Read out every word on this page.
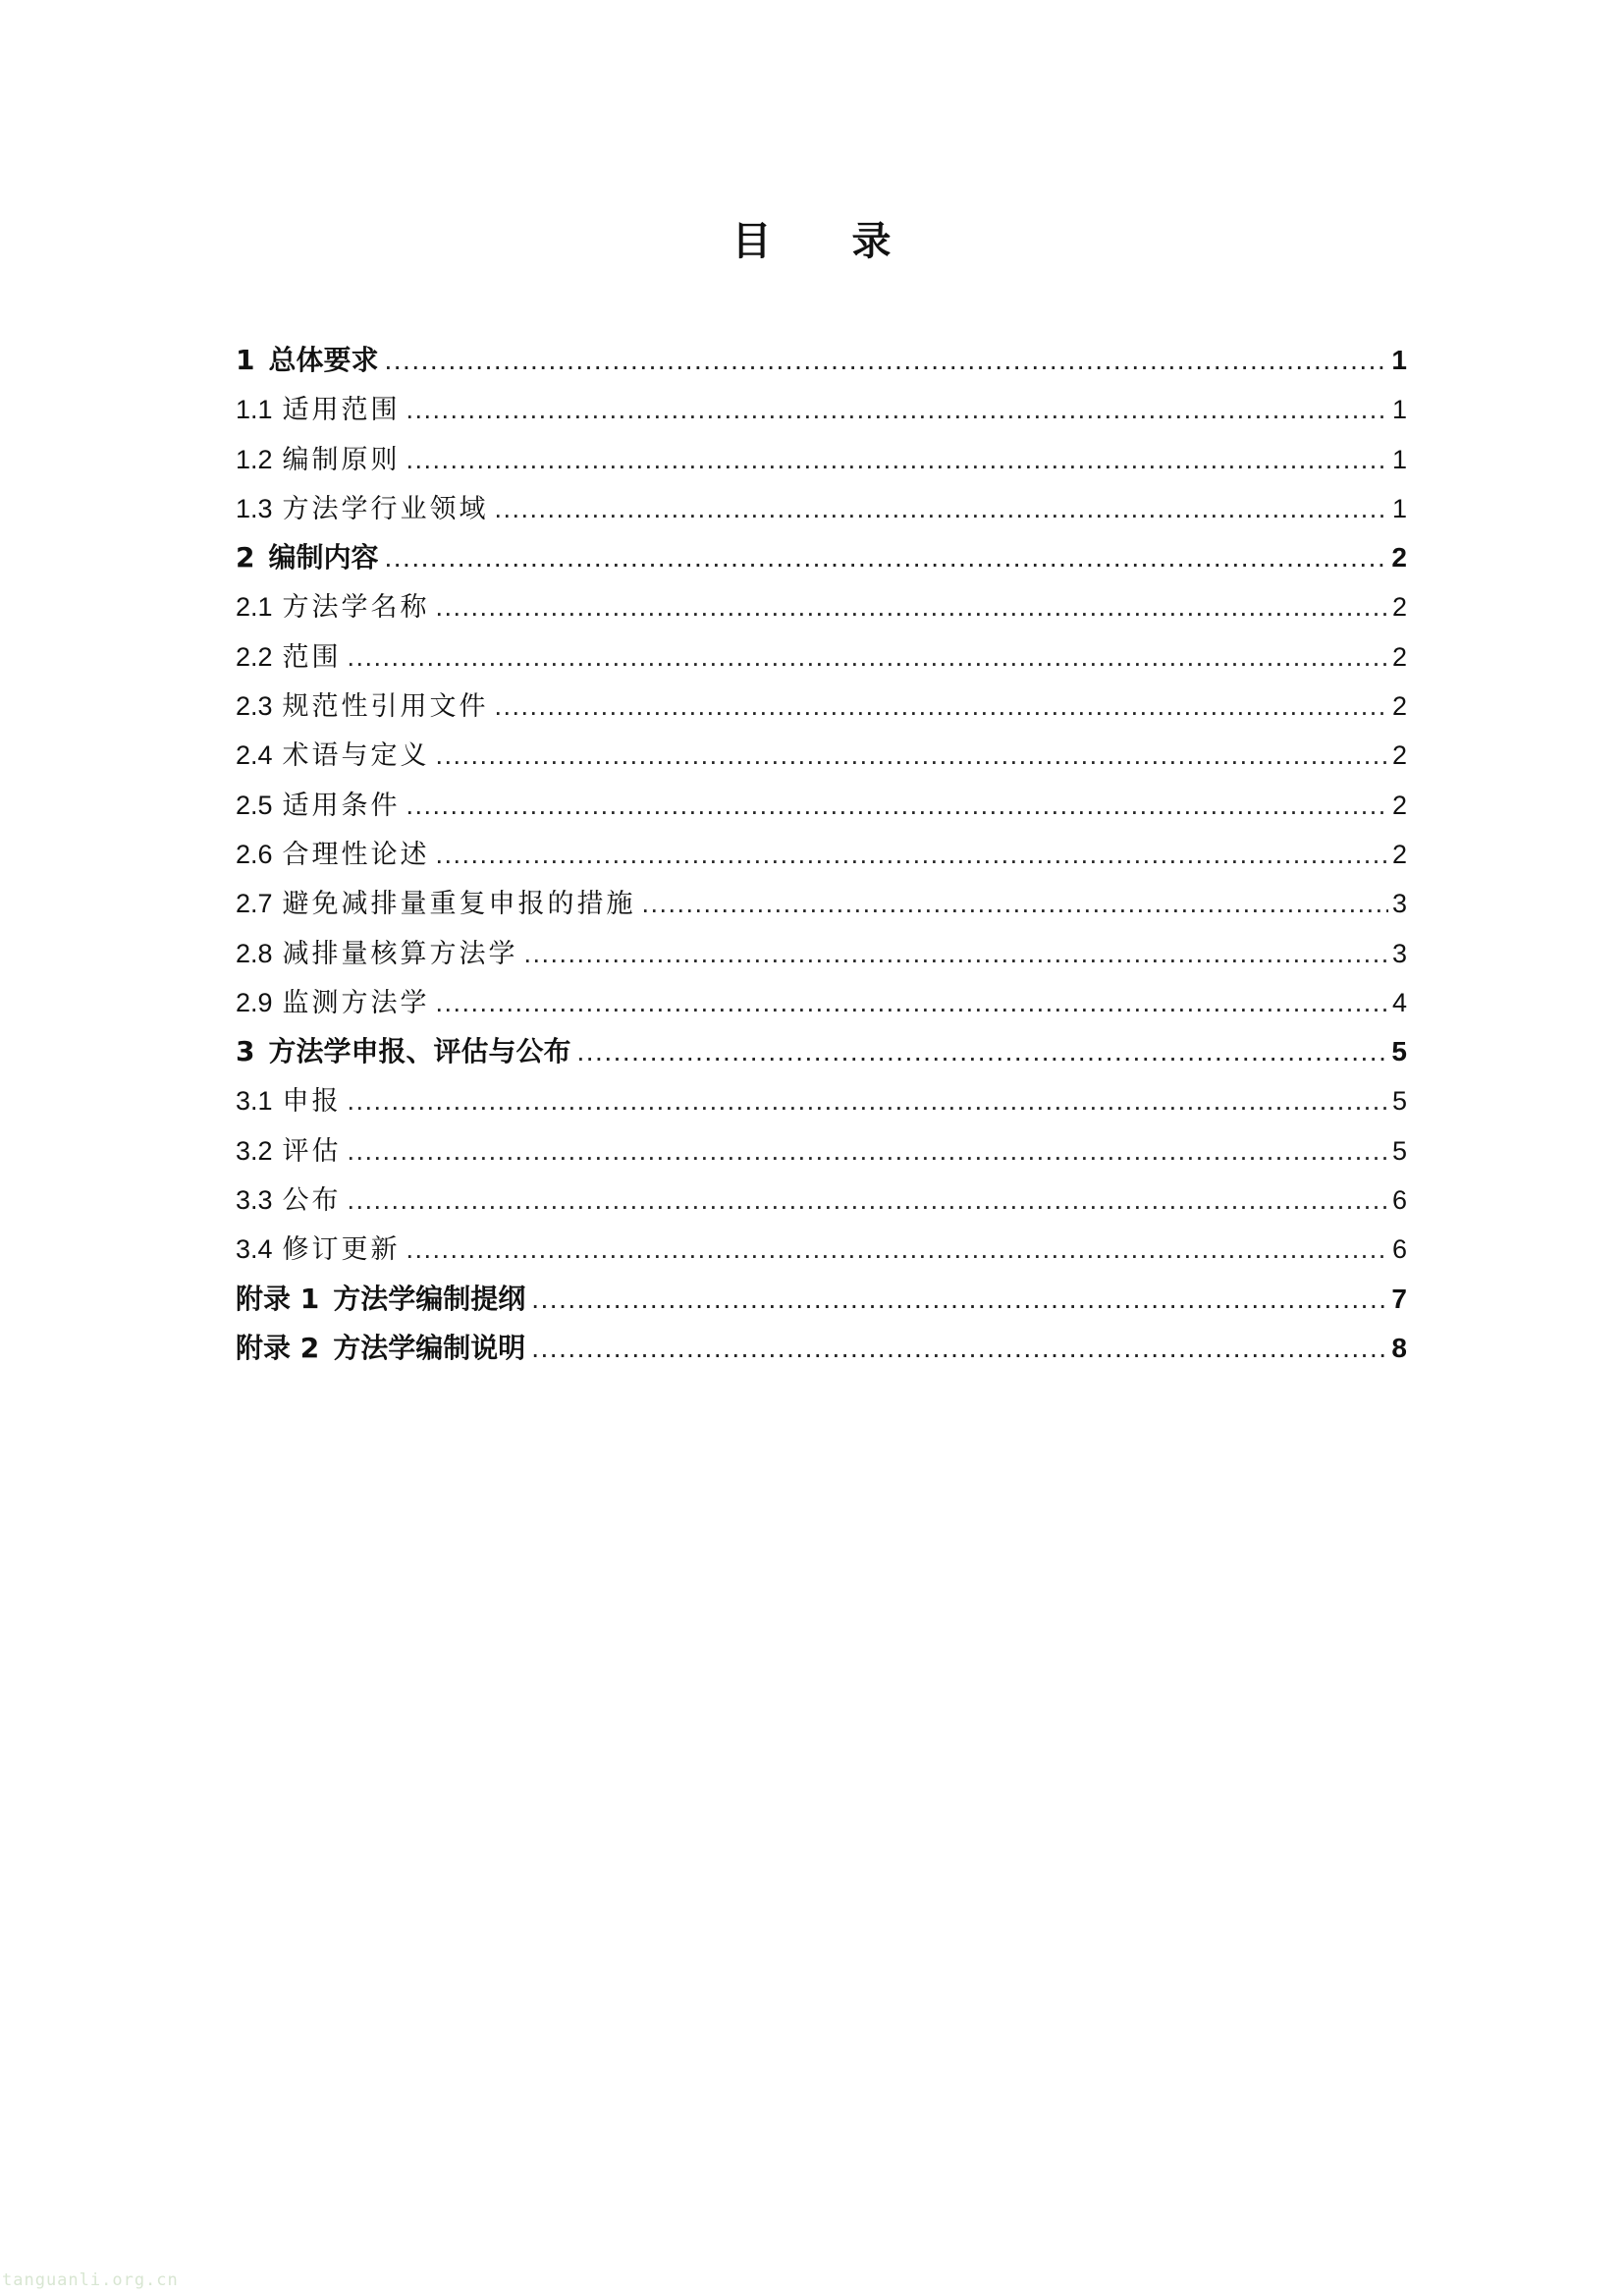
目 录
1 总体要求 .....	1
1.1 适用范围 .....	1
1.2 编制原则 .....	1
1.3 方法学行业领域 .....	1
2 编制内容 .....	2
2.1 方法学名称 .....	2
2.2 范围 .....	2
2.3 规范性引用文件 .....	2
2.4 术语与定义 .....	2
2.5 适用条件 .....	2
2.6 合理性论述 .....	2
2.7 避免减排量重复申报的措施 .....	3
2.8 减排量核算方法学 .....	3
2.9 监测方法学 .....	4
3 方法学申报、评估与公布 .....	5
3.1 申报 .....	5
3.2 评估 .....	5
3.3 公布 .....	6
3.4 修订更新 .....	6
附录 1 方法学编制提纲 .....	7
附录 2 方法学编制说明 .....	8
tanguanli.org.cn
